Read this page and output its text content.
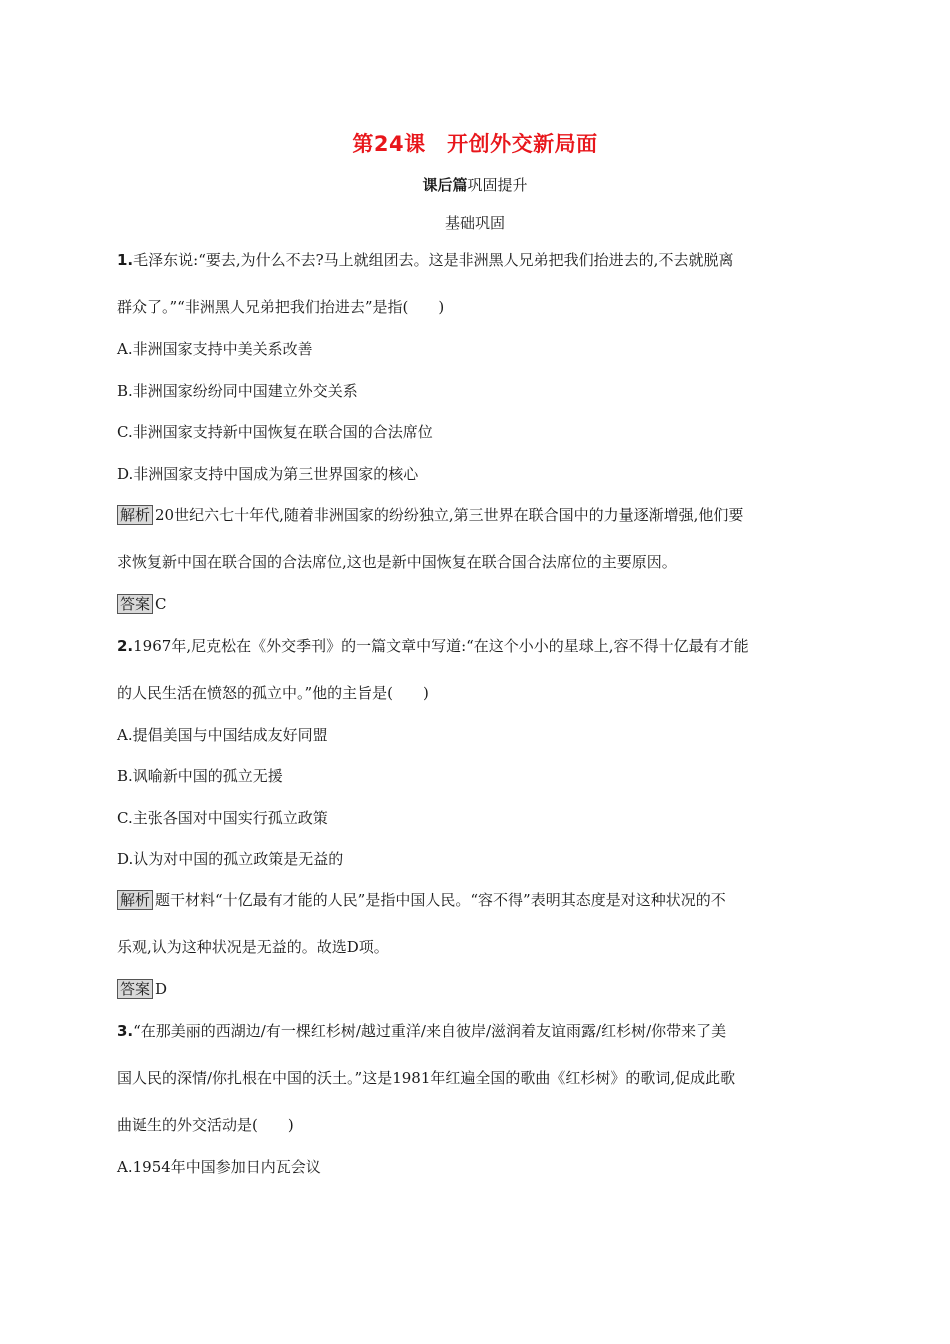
第24课　开创外交新局面
课后篇巩固提升
基础巩固
1.毛泽东说:“要去,为什么不去?马上就组团去。这是非洲黑人兄弟把我们抬进去的,不去就脱离
群众了。”“非洲黑人兄弟把我们抬进去”是指(　　)
A.非洲国家支持中美关系改善
B.非洲国家纷纷同中国建立外交关系
C.非洲国家支持新中国恢复在联合国的合法席位
D.非洲国家支持中国成为第三世界国家的核心
解析 20世纪六七十年代,随着非洲国家的纷纷独立,第三世界在联合国中的力量逐渐增强,他们要
求恢复新中国在联合国的合法席位,这也是新中国恢复在联合国合法席位的主要原因。
答案 C
2.1967年,尼克松在《外交季刊》的一篇文章中写道:“在这个小小的星球上,容不得十亿最有才能
的人民生活在愤怒的孤立中。”他的主旨是(　　)
A.提倡美国与中国结成友好同盟
B.讽喻新中国的孤立无援
C.主张各国对中国实行孤立政策
D.认为对中国的孤立政策是无益的
解析 题干材料“十亿最有才能的人民”是指中国人民。“容不得”表明其态度是对这种状况的不
乐观,认为这种状况是无益的。故选D项。
答案 D
3.“在那美丽的西湖边/有一棵红杉树/越过重洋/来自彼岸/滋润着友谊雨露/红杉树/你带来了美
国人民的深情/你扎根在中国的沃土。”这是1981年红遍全国的歌曲《红杉树》的歌词,促成此歌
曲诞生的外交活动是(　　)
A.1954年中国参加日内瓦会议
